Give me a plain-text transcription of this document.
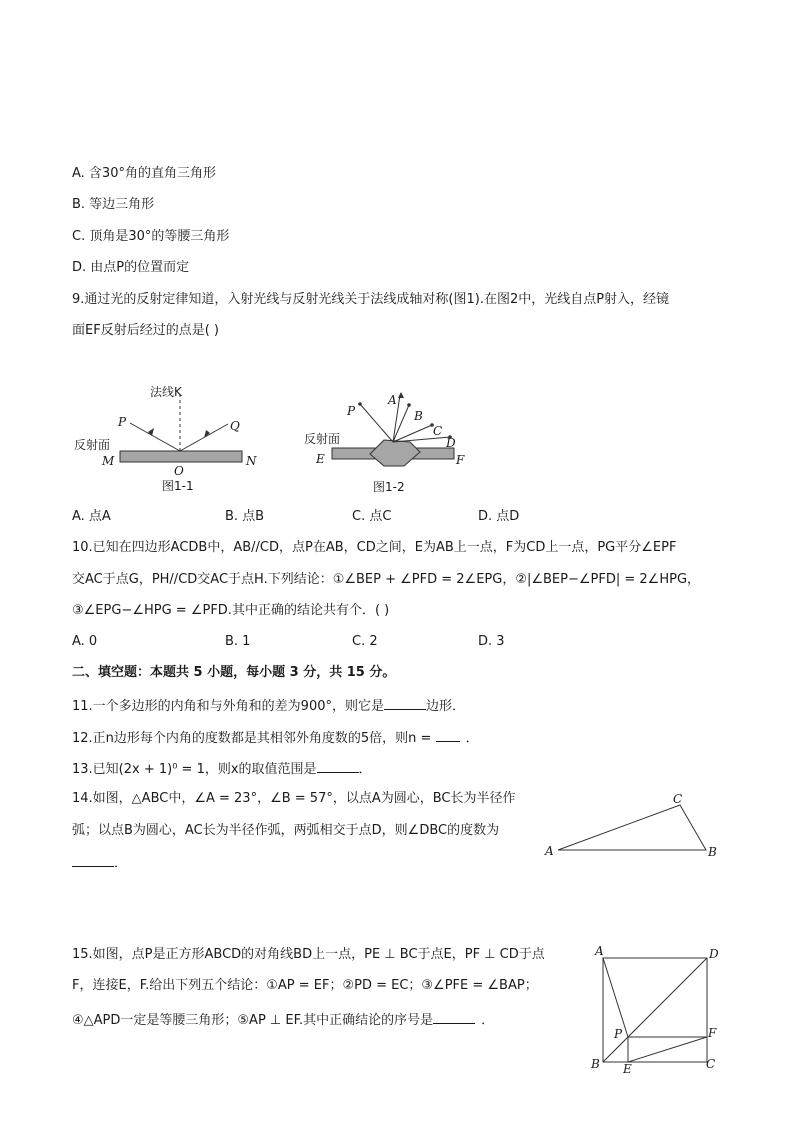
A. 含30°角的直角三角形
B. 等边三角形
C. 顶角是30°的等腰三角形
D. 由点P的位置而定
9.通过光的反射定律知道，入射光线与反射光线关于法线成轴对称(图1).在图2中，光线自点P射入，经镜
面EF反射后经过的点是( )
法线K
P	Q
反射面
M	N
O
图1-1
P
A
B
C
D
反射面
E	F
图1-2
A. 点A	B. 点B	C. 点C	D. 点D
10.已知在四边形ACDB中，AB//CD，点P在AB，CD之间，E为AB上一点，F为CD上一点，PG平分∠EPF
交AC于点G，PH//CD交AC于点H.下列结论：①∠BEP + ∠PFD = 2∠EPG，②|∠BEP−∠PFD| = 2∠HPG，
③∠EPG−∠HPG = ∠PFD.其中正确的结论共有个．( )
A. 0	B. 1	C. 2	D. 3
二、填空题：本题共 5 小题，每小题 3 分，共 15 分。
11.一个多边形的内角和与外角和的差为900°，则它是	边形．
12.正n边形每个内角的度数都是其相邻外角度数的5倍，则n = ．
13.已知(2x + 1)⁰ = 1，则x的取值范围是	．
14.如图，△ABC中，∠A = 23°，∠B = 57°，以点A为圆心，BC长为半径作
弧；以点B为圆心，AC长为半径作弧，两弧相交于点D，则∠DBC的度数为
．
A	B
C
15.如图，点P是正方形ABCD的对角线BD上一点，PE ⊥ BC于点E，PF ⊥ CD于点
F，连接E，F.给出下列五个结论：①AP = EF；②PD = EC；③∠PFE = ∠BAP；
④△APD一定是等腰三角形；⑤AP ⊥ EF.其中正确结论的序号是	．
A	D
B	C
P
E
F
